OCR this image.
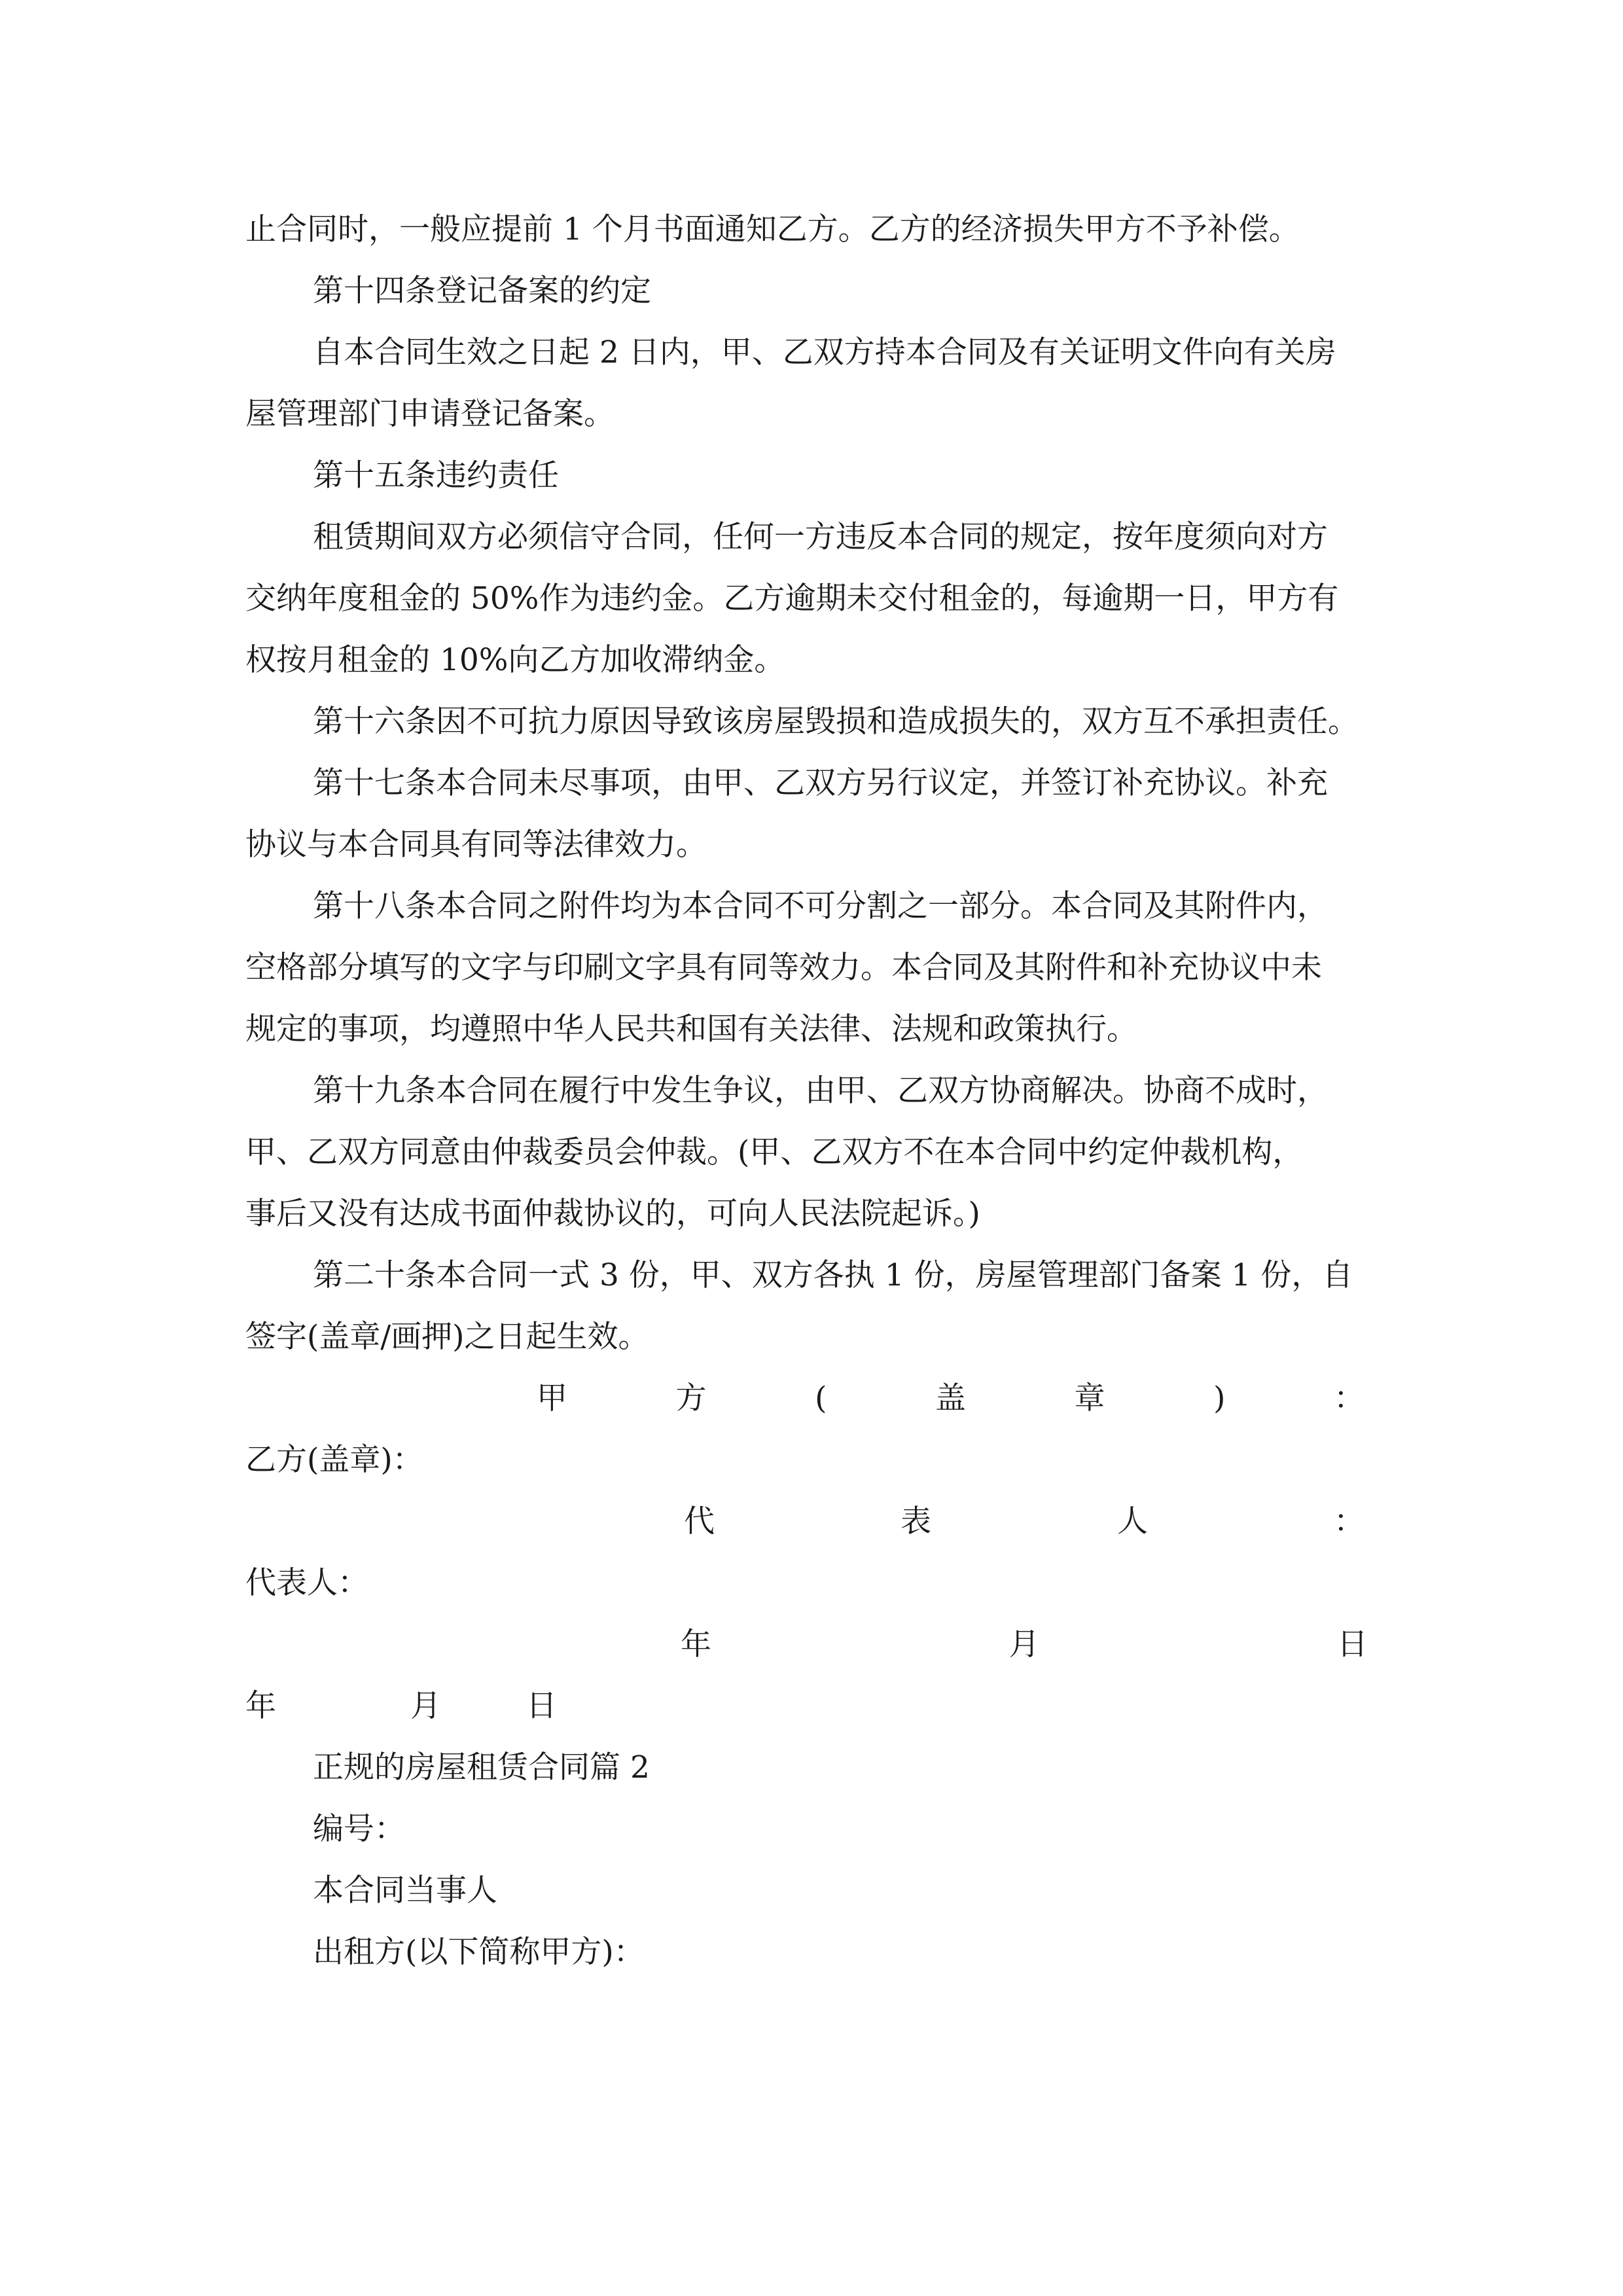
止合同时，一般应提前 1 个月书面通知乙方。乙方的经济损失甲方不予补偿。
第十四条登记备案的约定
自本合同生效之日起 2 日内，甲、乙双方持本合同及有关证明文件向有关房
屋管理部门申请登记备案。
第十五条违约责任
租赁期间双方必须信守合同，任何一方违反本合同的规定，按年度须向对方
交纳年度租金的 50%作为违约金。乙方逾期未交付租金的，每逾期一日，甲方有
权按月租金的 10%向乙方加收滞纳金。
第十六条因不可抗力原因导致该房屋毁损和造成损失的，双方互不承担责任。
第十七条本合同未尽事项，由甲、乙双方另行议定，并签订补充协议。补充
协议与本合同具有同等法律效力。
第十八条本合同之附件均为本合同不可分割之一部分。本合同及其附件内，
空格部分填写的文字与印刷文字具有同等效力。本合同及其附件和补充协议中未
规定的事项，均遵照中华人民共和国有关法律、法规和政策执行。
第十九条本合同在履行中发生争议，由甲、乙双方协商解决。协商不成时，
甲、乙双方同意由仲裁委员会仲裁。(甲、乙双方不在本合同中约定仲裁机构，
事后又没有达成书面仲裁协议的，可向人民法院起诉。)
第二十条本合同一式 3 份，甲、双方各执 1 份，房屋管理部门备案 1 份，自
签字(盖章/画押)之日起生效。
甲	方	(	盖	章	)	：
乙方(盖章)：
代	表	人	：
代表人：
年	月	日
年	月	日
正规的房屋租赁合同篇 2
编号：
本合同当事人
出租方(以下简称甲方)：
